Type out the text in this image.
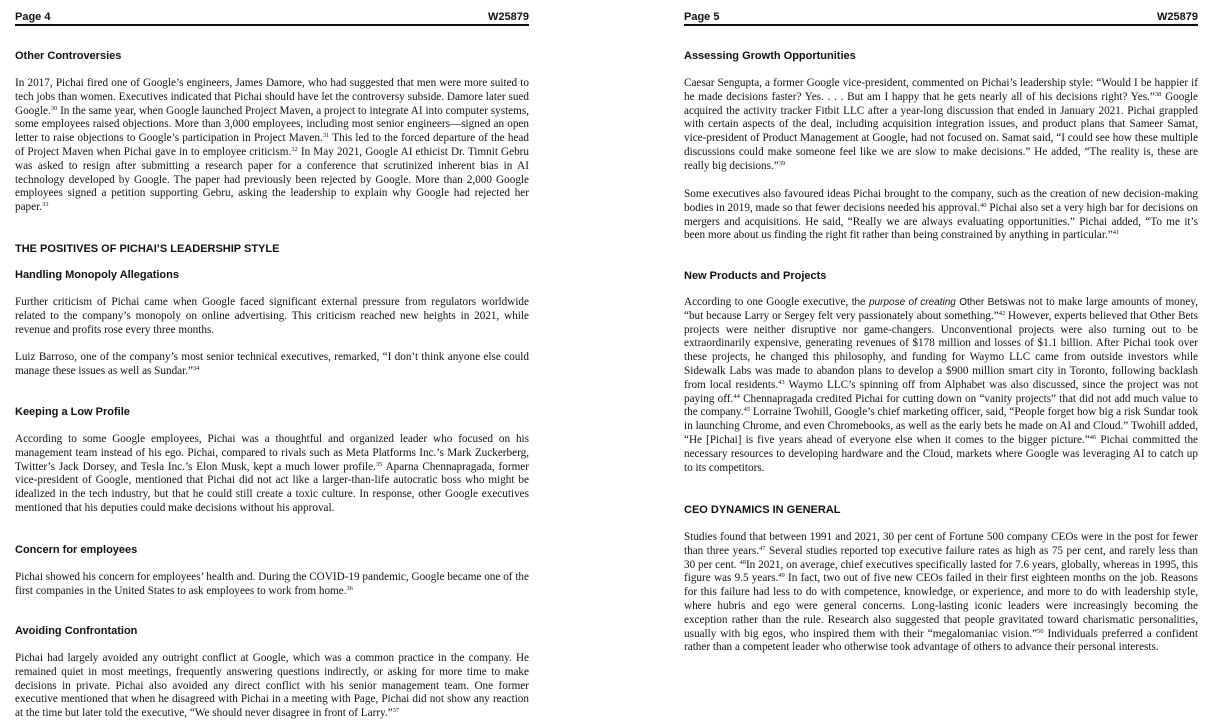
Page 4	W25879
Other Controversies
In 2017, Pichai fired one of Google’s engineers, James Damore, who had suggested that men were more suited to tech jobs than women. Executives indicated that Pichai should have let the controversy subside. Damore later sued Google.$^{30}$ In the same year, when Google launched Project Maven, a project to integrate AI into computer systems, some employees raised objections. More than 3,000 employees, including most senior engineers—signed an open letter to raise objections to Google’s participation in Project Maven.$^{31}$ This led to the forced departure of the head of Project Maven when Pichai gave in to employee criticism.$^{32}$ In May 2021, Google AI ethicist Dr. Timnit Gebru was asked to resign after submitting a research paper for a conference that scrutinized inherent bias in AI technology developed by Google. The paper had previously been rejected by Google. More than 2,000 Google employees signed a petition supporting Gebru, asking the leadership to explain why Google had rejected her paper.$^{33}$
THE POSITIVES OF PICHAI’S LEADERSHIP STYLE
Handling Monopoly Allegations
Further criticism of Pichai came when Google faced significant external pressure from regulators worldwide related to the company’s monopoly on online advertising. This criticism reached new heights in 2021, while revenue and profits rose every three months.
Luiz Barroso, one of the company’s most senior technical executives, remarked, “I don’t think anyone else could manage these issues as well as Sundar.”$^{34}$
Keeping a Low Profile
According to some Google employees, Pichai was a thoughtful and organized leader who focused on his management team instead of his ego. Pichai, compared to rivals such as Meta Platforms Inc.’s Mark Zuckerberg, Twitter’s Jack Dorsey, and Tesla Inc.’s Elon Musk, kept a much lower profile.$^{35}$ Aparna Chennapragada, former vice-president of Google, mentioned that Pichai did not act like a larger-than-life autocratic boss who might be idealized in the tech industry, but that he could still create a toxic culture. In response, other Google executives mentioned that his deputies could make decisions without his approval.
Concern for employees
Pichai showed his concern for employees’ health and. During the COVID-19 pandemic, Google became one of the first companies in the United States to ask employees to work from home.$^{36}$
Avoiding Confrontation
Pichai had largely avoided any outright conflict at Google, which was a common practice in the company. He remained quiet in most meetings, frequently answering questions indirectly, or asking for more time to make decisions in private. Pichai also avoided any direct conflict with his senior management team. One former executive mentioned that when he disagreed with Pichai in a meeting with Page, Pichai did not show any reaction at the time but later told the executive, “We should never disagree in front of Larry.”$^{37}$
Page 5	W25879
Assessing Growth Opportunities
Caesar Sengupta, a former Google vice-president, commented on Pichai’s leadership style: “Would I be happier if he made decisions faster? Yes. . . . But am I happy that he gets nearly all of his decisions right? Yes.”$^{38}$ Google acquired the activity tracker Fitbit LLC after a year-long discussion that ended in January 2021. Pichai grappled with certain aspects of the deal, including acquisition integration issues, and product plans that Sameer Samat, vice-president of Product Management at Google, had not focused on. Samat said, “I could see how these multiple discussions could make someone feel like we are slow to make decisions.” He added, “The reality is, these are really big decisions.”$^{39}$
Some executives also favoured ideas Pichai brought to the company, such as the creation of new decision-making bodies in 2019, made so that fewer decisions needed his approval.$^{40}$ Pichai also set a very high bar for decisions on mergers and acquisitions. He said, “Really we are always evaluating opportunities.” Pichai added, “To me it’s been more about us finding the right fit rather than being constrained by anything in particular.”$^{41}$
New Products and Projects
According to one Google executive, the purpose of creating Other Betswas not to make large amounts of money, “but because Larry or Sergey felt very passionately about something.”$^{42}$ However, experts believed that Other Bets projects were neither disruptive nor game-changers. Unconventional projects were also turning out to be extraordinarily expensive, generating revenues of $178 million and losses of $1.1 billion. After Pichai took over these projects, he changed this philosophy, and funding for Waymo LLC came from outside investors while Sidewalk Labs was made to abandon plans to develop a $900 million smart city in Toronto, following backlash from local residents.$^{43}$ Waymo LLC’s spinning off from Alphabet was also discussed, since the project was not paying off.$^{44}$ Chennapragada credited Pichai for cutting down on “vanity projects” that did not add much value to the company.$^{45}$ Lorraine Twohill, Google’s chief marketing officer, said, “People forget how big a risk Sundar took in launching Chrome, and even Chromebooks, as well as the early bets he made on AI and Cloud.” Twohill added, “He [Pichai] is five years ahead of everyone else when it comes to the bigger picture.”$^{46}$ Pichai committed the necessary resources to developing hardware and the Cloud, markets where Google was leveraging AI to catch up to its competitors.
CEO DYNAMICS IN GENERAL
Studies found that between 1991 and 2021, 30 per cent of Fortune 500 company CEOs were in the post for fewer than three years.$^{47}$ Several studies reported top executive failure rates as high as 75 per cent, and rarely less than 30 per cent. $^{48}$In 2021, on average, chief executives specifically lasted for 7.6 years, globally, whereas in 1995, this figure was 9.5 years.$^{49}$ In fact, two out of five new CEOs failed in their first eighteen months on the job. Reasons for this failure had less to do with competence, knowledge, or experience, and more to do with leadership style, where hubris and ego were general concerns. Long-lasting iconic leaders were increasingly becoming the exception rather than the rule. Research also suggested that people gravitated toward charismatic personalities, usually with big egos, who inspired them with their “megalomaniac vision.”$^{50}$ Individuals preferred a confident rather than a competent leader who otherwise took advantage of others to advance their personal interests.
